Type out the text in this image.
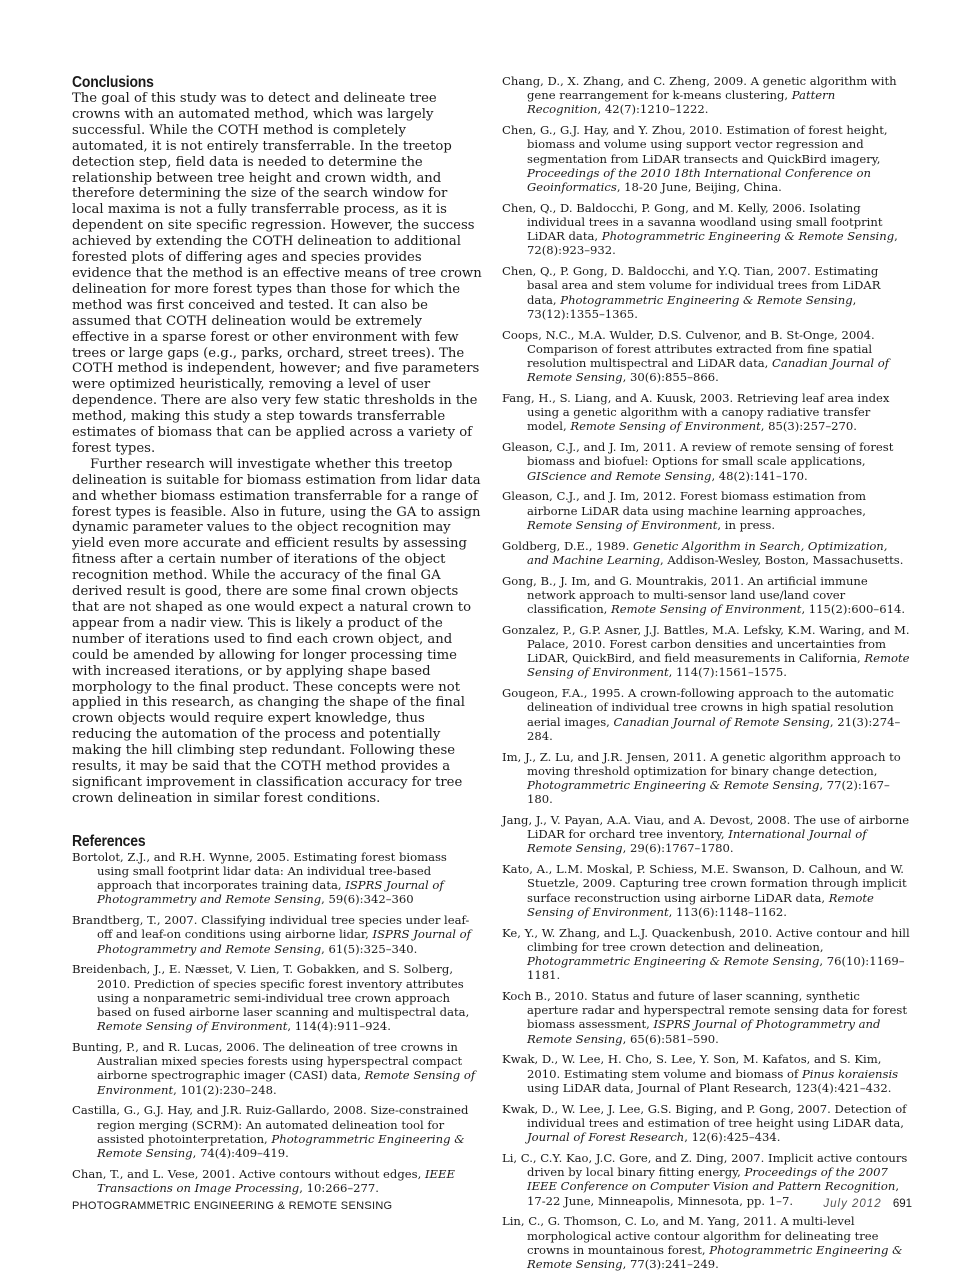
Conclusions

The goal of this study was to detect and delineate tree crowns with an automated method, which was largely successful. While the COTH method is completely automated, it is not entirely transferrable. In the treetop detection step, field data is needed to determine the relationship between tree height and crown width, and therefore determining the size of the search window for local maxima is not a fully transferrable process, as it is dependent on site specific regression. However, the success achieved by extending the COTH delineation to additional forested plots of differing ages and species provides evidence that the method is an effective means of tree crown delineation for more forest types than those for which the method was first conceived and tested. It can also be assumed that COTH delineation would be extremely effective in a sparse forest or other environment with few trees or large gaps (e.g., parks, orchard, street trees). The COTH method is independent, however; and five parameters were optimized heuristically, removing a level of user dependence. There are also very few static thresholds in the method, making this study a step towards transferrable estimates of biomass that can be applied across a variety of forest types.

Further research will investigate whether this treetop delineation is suitable for biomass estimation from lidar data and whether biomass estimation transferrable for a range of forest types is feasible. Also in future, using the GA to assign dynamic parameter values to the object recognition may yield even more accurate and efficient results by assessing fitness after a certain number of iterations of the object recognition method. While the accuracy of the final GA derived result is good, there are some final crown objects that are not shaped as one would expect a natural crown to appear from a nadir view. This is likely a product of the number of iterations used to find each crown object, and could be amended by allowing for longer processing time with increased iterations, or by applying shape based morphology to the final product. These concepts were not applied in this research, as changing the shape of the final crown objects would require expert knowledge, thus reducing the automation of the process and potentially making the hill climbing step redundant. Following these results, it may be said that the COTH method provides a significant improvement in classification accuracy for tree crown delineation in similar forest conditions.

References

Bortolot, Z.J., and R.H. Wynne, 2005. Estimating forest biomass using small footprint lidar data: An individual tree-based approach that incorporates training data, ISPRS Journal of Photogrammetry and Remote Sensing, 59(6):342–360

Brandtberg, T., 2007. Classifying individual tree species under leaf-off and leaf-on conditions using airborne lidar, ISPRS Journal of Photogrammetry and Remote Sensing, 61(5):325–340.

Breidenbach, J., E. Næsset, V. Lien, T. Gobakken, and S. Solberg, 2010. Prediction of species specific forest inventory attributes using a nonparametric semi-individual tree crown approach based on fused airborne laser scanning and multispectral data, Remote Sensing of Environment, 114(4):911–924.

Bunting, P., and R. Lucas, 2006. The delineation of tree crowns in Australian mixed species forests using hyperspectral compact airborne spectrographic imager (CASI) data, Remote Sensing of Environment, 101(2):230–248.

Castilla, G., G.J. Hay, and J.R. Ruiz-Gallardo, 2008. Size-constrained region merging (SCRM): An automated delineation tool for assisted photointerpretation, Photogrammetric Engineering & Remote Sensing, 74(4):409–419.

Chan, T., and L. Vese, 2001. Active contours without edges, IEEE Transactions on Image Processing, 10:266–277.

Chang, D., X. Zhang, and C. Zheng, 2009. A genetic algorithm with gene rearrangement for k-means clustering, Pattern Recognition, 42(7):1210–1222.

Chen, G., G.J. Hay, and Y. Zhou, 2010. Estimation of forest height, biomass and volume using support vector regression and segmentation from LiDAR transects and QuickBird imagery, Proceedings of the 2010 18th International Conference on Geoinformatics, 18-20 June, Beijing, China.

Chen, Q., D. Baldocchi, P. Gong, and M. Kelly, 2006. Isolating individual trees in a savanna woodland using small footprint LiDAR data, Photogrammetric Engineering & Remote Sensing, 72(8):923–932.

Chen, Q., P. Gong, D. Baldocchi, and Y.Q. Tian, 2007. Estimating basal area and stem volume for individual trees from LiDAR data, Photogrammetric Engineering & Remote Sensing, 73(12):1355–1365.

Coops, N.C., M.A. Wulder, D.S. Culvenor, and B. St-Onge, 2004. Comparison of forest attributes extracted from fine spatial resolution multispectral and LiDAR data, Canadian Journal of Remote Sensing, 30(6):855–866.

Fang, H., S. Liang, and A. Kuusk, 2003. Retrieving leaf area index using a genetic algorithm with a canopy radiative transfer model, Remote Sensing of Environment, 85(3):257–270.

Gleason, C.J., and J. Im, 2011. A review of remote sensing of forest biomass and biofuel: Options for small scale applications, GIScience and Remote Sensing, 48(2):141–170.

Gleason, C.J., and J. Im, 2012. Forest biomass estimation from airborne LiDAR data using machine learning approaches, Remote Sensing of Environment, in press.

Goldberg, D.E., 1989. Genetic Algorithm in Search, Optimization, and Machine Learning, Addison-Wesley, Boston, Massachusetts.

Gong, B., J. Im, and G. Mountrakis, 2011. An artificial immune network approach to multi-sensor land use/land cover classification, Remote Sensing of Environment, 115(2):600–614.

Gonzalez, P., G.P. Asner, J.J. Battles, M.A. Lefsky, K.M. Waring, and M. Palace, 2010. Forest carbon densities and uncertainties from LiDAR, QuickBird, and field measurements in California, Remote Sensing of Environment, 114(7):1561–1575.

Gougeon, F.A., 1995. A crown-following approach to the automatic delineation of individual tree crowns in high spatial resolution aerial images, Canadian Journal of Remote Sensing, 21(3):274–284.

Im, J., Z. Lu, and J.R. Jensen, 2011. A genetic algorithm approach to moving threshold optimization for binary change detection, Photogrammetric Engineering & Remote Sensing, 77(2):167–180.

Jang, J., V. Payan, A.A. Viau, and A. Devost, 2008. The use of airborne LiDAR for orchard tree inventory, International Journal of Remote Sensing, 29(6):1767–1780.

Kato, A., L.M. Moskal, P. Schiess, M.E. Swanson, D. Calhoun, and W. Stuetzle, 2009. Capturing tree crown formation through implicit surface reconstruction using airborne LiDAR data, Remote Sensing of Environment, 113(6):1148–1162.

Ke, Y., W. Zhang, and L.J. Quackenbush, 2010. Active contour and hill climbing for tree crown detection and delineation, Photogrammetric Engineering & Remote Sensing, 76(10):1169–1181.

Koch B., 2010. Status and future of laser scanning, synthetic aperture radar and hyperspectral remote sensing data for forest biomass assessment, ISPRS Journal of Photogrammetry and Remote Sensing, 65(6):581–590.

Kwak, D., W. Lee, H. Cho, S. Lee, Y. Son, M. Kafatos, and S. Kim, 2010. Estimating stem volume and biomass of Pinus koraiensis using LiDAR data, Journal of Plant Research, 123(4):421–432.

Kwak, D., W. Lee, J. Lee, G.S. Biging, and P. Gong, 2007. Detection of individual trees and estimation of tree height using LiDAR data, Journal of Forest Research, 12(6):425–434.

Li, C., C.Y. Kao, J.C. Gore, and Z. Ding, 2007. Implicit active contours driven by local binary fitting energy, Proceedings of the 2007 IEEE Conference on Computer Vision and Pattern Recognition, 17-22 June, Minneapolis, Minnesota, pp. 1–7.

Lin, C., G. Thomson, C. Lo, and M. Yang, 2011. A multi-level morphological active contour algorithm for delineating tree crowns in mountainous forest, Photogrammetric Engineering & Remote Sensing, 77(3):241–249.

PHOTOGRAMMETRIC ENGINEERING & REMOTE SENSING	July 2012 691
